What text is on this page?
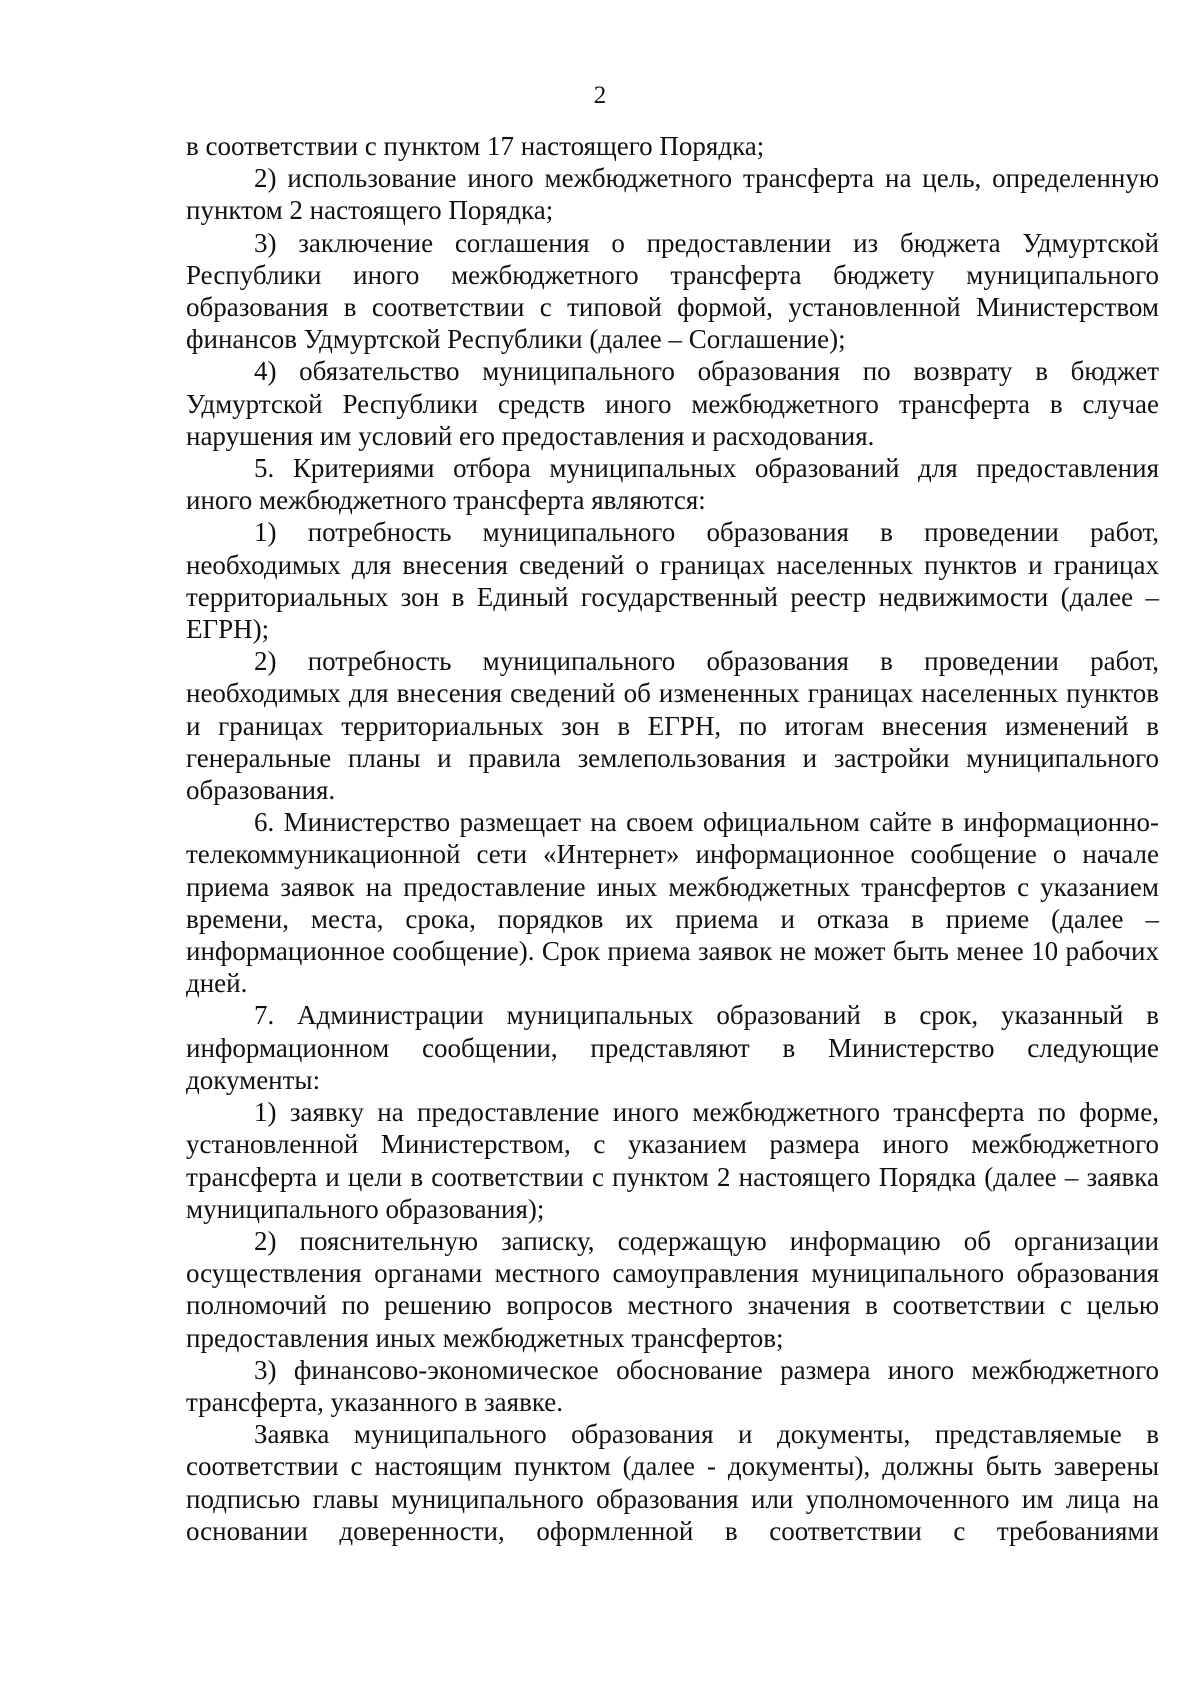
2

в соответствии с пунктом 17 настоящего Порядка;

2) использование иного межбюджетного трансферта на цель, определенную пунктом 2 настоящего Порядка;

3) заключение соглашения о предоставлении из бюджета Удмуртской Республики иного межбюджетного трансферта бюджету муниципального образования в соответствии с типовой формой, установленной Министерством финансов Удмуртской Республики (далее – Соглашение);

4) обязательство муниципального образования по возврату в бюджет Удмуртской Республики средств иного межбюджетного трансферта в случае нарушения им условий его предоставления и расходования.

5. Критериями отбора муниципальных образований для предоставления иного межбюджетного трансферта являются:

1) потребность муниципального образования в проведении работ, необходимых для внесения сведений о границах населенных пунктов и границах территориальных зон в Единый государственный реестр недвижимости (далее – ЕГРН);

2) потребность муниципального образования в проведении работ, необходимых для внесения сведений об измененных границах населенных пунктов и границах территориальных зон в ЕГРН, по итогам внесения изменений в генеральные планы и правила землепользования и застройки муниципального образования.

6. Министерство размещает на своем официальном сайте в информационно-телекоммуникационной сети «Интернет» информационное сообщение о начале приема заявок на предоставление иных межбюджетных трансфертов с указанием времени, места, срока, порядков их приема и отказа в приеме (далее – информационное сообщение). Срок приема заявок не может быть менее 10 рабочих дней.

7. Администрации муниципальных образований в срок, указанный в информационном сообщении, представляют в Министерство следующие документы:

1) заявку на предоставление иного межбюджетного трансферта по форме, установленной Министерством, с указанием размера иного межбюджетного трансферта и цели в соответствии с пунктом 2 настоящего Порядка (далее – заявка муниципального образования);

2) пояснительную записку, содержащую информацию об организации осуществления органами местного самоуправления муниципального образования полномочий по решению вопросов местного значения в соответствии с целью предоставления иных межбюджетных трансфертов;

3) финансово-экономическое обоснование размера иного межбюджетного трансферта, указанного в заявке.

Заявка муниципального образования и документы, представляемые в соответствии с настоящим пунктом (далее - документы), должны быть заверены подписью главы муниципального образования или уполномоченного им лица на основании доверенности, оформленной в соответствии с требованиями
